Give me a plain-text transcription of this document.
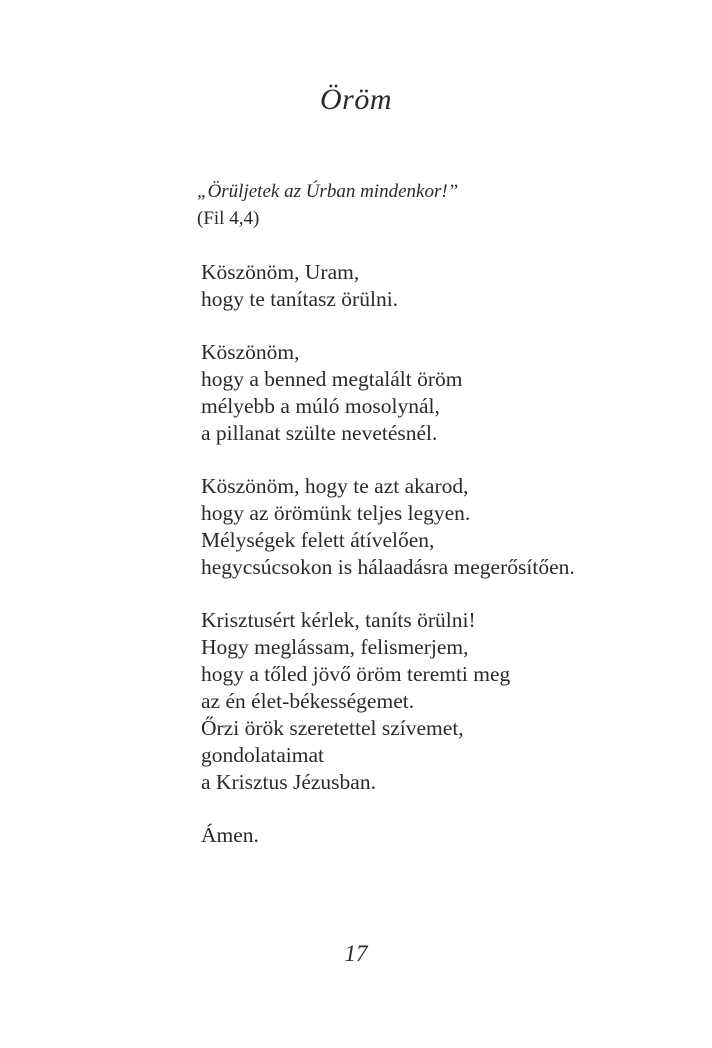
Öröm
„Örüljetek az Úrban mindenkor!”
(Fil 4,4)
Köszönöm, Uram,
hogy te tanítasz örülni.
Köszönöm,
hogy a benned megtalált öröm
mélyebb a múló mosolynál,
a pillanat szülte nevetésnél.
Köszönöm, hogy te azt akarod,
hogy az örömünk teljes legyen.
Mélységek felett átívelően,
hegycsúcsokon is hálaadásra megerősítően.
Krisztusért kérlek, taníts örülni!
Hogy meglássam, felismerjem,
hogy a tőled jövő öröm teremti meg
az én élet-békességemet.
Őrzi örök szeretettel szívemet,
gondolataimat
a Krisztus Jézusban.
Ámen.
17
